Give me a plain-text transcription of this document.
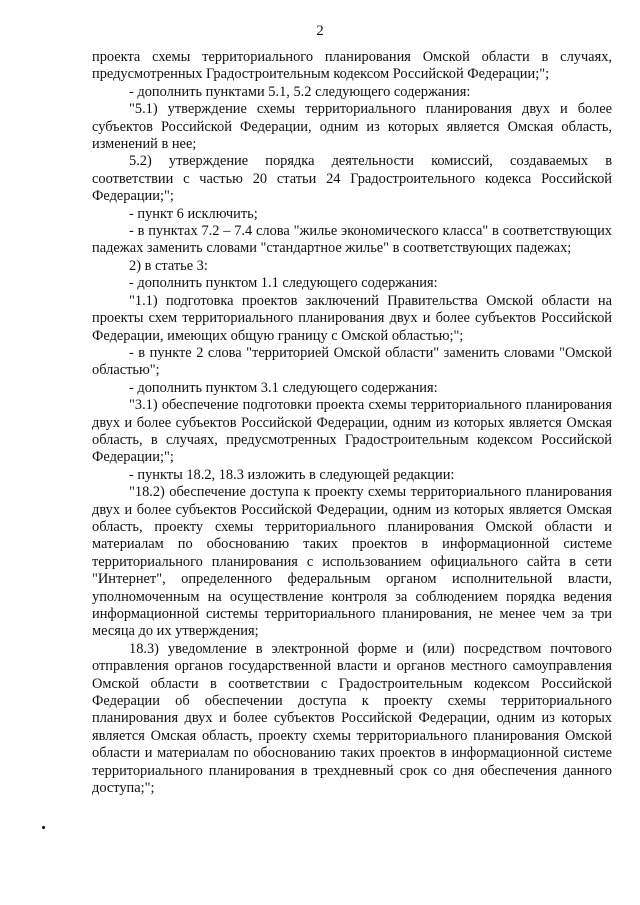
2

проекта схемы территориального планирования Омской области в случаях, предусмотренных Градостроительным кодексом Российской Федерации;";

- дополнить пунктами 5.1, 5.2 следующего содержания:

"5.1) утверждение схемы территориального планирования двух и более субъектов Российской Федерации, одним из которых является Омская область, изменений в нее;

5.2) утверждение порядка деятельности комиссий, создаваемых в соответствии с частью 20 статьи 24 Градостроительного кодекса Российской Федерации;";

- пункт 6 исключить;

- в пунктах 7.2 – 7.4 слова "жилье экономического класса" в соответствующих падежах заменить словами "стандартное жилье" в соответствующих падежах;

2) в статье 3:

- дополнить пунктом 1.1 следующего содержания:

"1.1) подготовка проектов заключений Правительства Омской области на проекты схем территориального планирования двух и более субъектов Российской Федерации, имеющих общую границу с Омской областью;";

- в пункте 2 слова "территорией Омской области" заменить словами "Омской областью";

- дополнить пунктом 3.1 следующего содержания:

"3.1) обеспечение подготовки проекта схемы территориального планирования двух и более субъектов Российской Федерации, одним из которых является Омская область, в случаях, предусмотренных Градостроительным кодексом Российской Федерации;";

- пункты 18.2, 18.3 изложить в следующей редакции:

"18.2) обеспечение доступа к проекту схемы территориального планирования двух и более субъектов Российской Федерации, одним из которых является Омская область, проекту схемы территориального планирования Омской области и материалам по обоснованию таких проектов в информационной системе территориального планирования с использованием официального сайта в сети "Интернет", определенного федеральным органом исполнительной власти, уполномоченным на осуществление контроля за соблюдением порядка ведения информационной системы территориального планирования, не менее чем за три месяца до их утверждения;

18.3) уведомление в электронной форме и (или) посредством почтового отправления органов государственной власти и органов местного самоуправления Омской области в соответствии с Градостроительным кодексом Российской Федерации об обеспечении доступа к проекту схемы территориального планирования двух и более субъектов Российской Федерации, одним из которых является Омская область, проекту схемы территориального планирования Омской области и материалам по обоснованию таких проектов в информационной системе территориального планирования в трехдневный срок со дня обеспечения данного доступа;";
